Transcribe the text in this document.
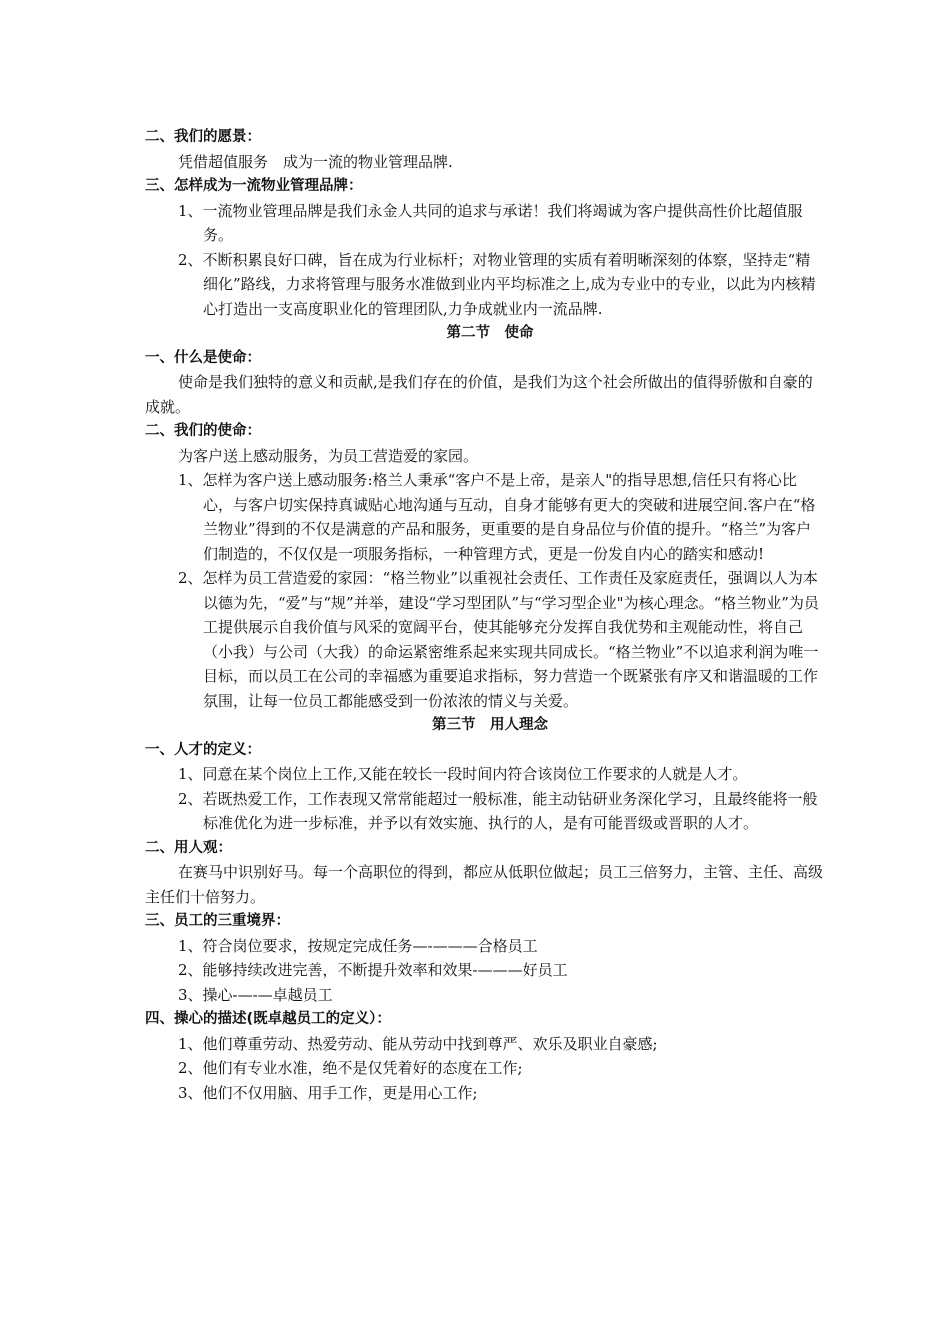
二、我们的愿景：
凭借超值服务　成为一流的物业管理品牌.
三、怎样成为一流物业管理品牌：
1、一流物业管理品牌是我们永金人共同的追求与承诺！我们将竭诚为客户提供高性价比超值服务。
2、不断积累良好口碑，旨在成为行业标杆；对物业管理的实质有着明晰深刻的体察，坚持走“精细化”路线，力求将管理与服务水准做到业内平均标准之上,成为专业中的专业，以此为内核精心打造出一支高度职业化的管理团队,力争成就业内一流品牌.
第二节　使命
一、什么是使命：
使命是我们独特的意义和贡献,是我们存在的价值，是我们为这个社会所做出的值得骄傲和自豪的成就。
二、我们的使命：
为客户送上感动服务，为员工营造爱的家园。
1、怎样为客户送上感动服务:格兰人秉承“客户不是上帝，是亲人"的指导思想,信任只有将心比心，与客户切实保持真诚贴心地沟通与互动，自身才能够有更大的突破和进展空间.客户在“格兰物业”得到的不仅是满意的产品和服务，更重要的是自身品位与价值的提升。“格兰”为客户们制造的，不仅仅是一项服务指标，一种管理方式，更是一份发自内心的踏实和感动!
2、怎样为员工营造爱的家园：“格兰物业”以重视社会责任、工作责任及家庭责任，强调以人为本以德为先，“爱”与“规”并举，建设“学习型团队”与“学习型企业"为核心理念。“格兰物业”为员工提供展示自我价值与风采的宽阔平台，使其能够充分发挥自我优势和主观能动性，将自己（小我）与公司（大我）的命运紧密维系起来实现共同成长。“格兰物业”不以追求利润为唯一目标，而以员工在公司的幸福感为重要追求指标，努力营造一个既紧张有序又和谐温暖的工作氛围，让每一位员工都能感受到一份浓浓的情义与关爱。
第三节　用人理念
一、人才的定义：
1、同意在某个岗位上工作,又能在较长一段时间内符合该岗位工作要求的人就是人才。
2、若既热爱工作，工作表现又常常能超过一般标准，能主动钻研业务深化学习，且最终能将一般标准优化为进一步标准，并予以有效实施、执行的人，是有可能晋级或晋职的人才。
二、用人观：
在赛马中识别好马。每一个高职位的得到，都应从低职位做起；员工三倍努力，主管、主任、高级主任们十倍努力。
三、员工的三重境界：
1、符合岗位要求，按规定完成任务—-———合格员工
2、能够持续改进完善，不断提升效率和效果-———好员工
3、操心-—-—卓越员工
四、操心的描述(既卓越员工的定义）：
1、他们尊重劳动、热爱劳动、能从劳动中找到尊严、欢乐及职业自豪感;
2、他们有专业水准，绝不是仅凭着好的态度在工作;
3、他们不仅用脑、用手工作，更是用心工作;
